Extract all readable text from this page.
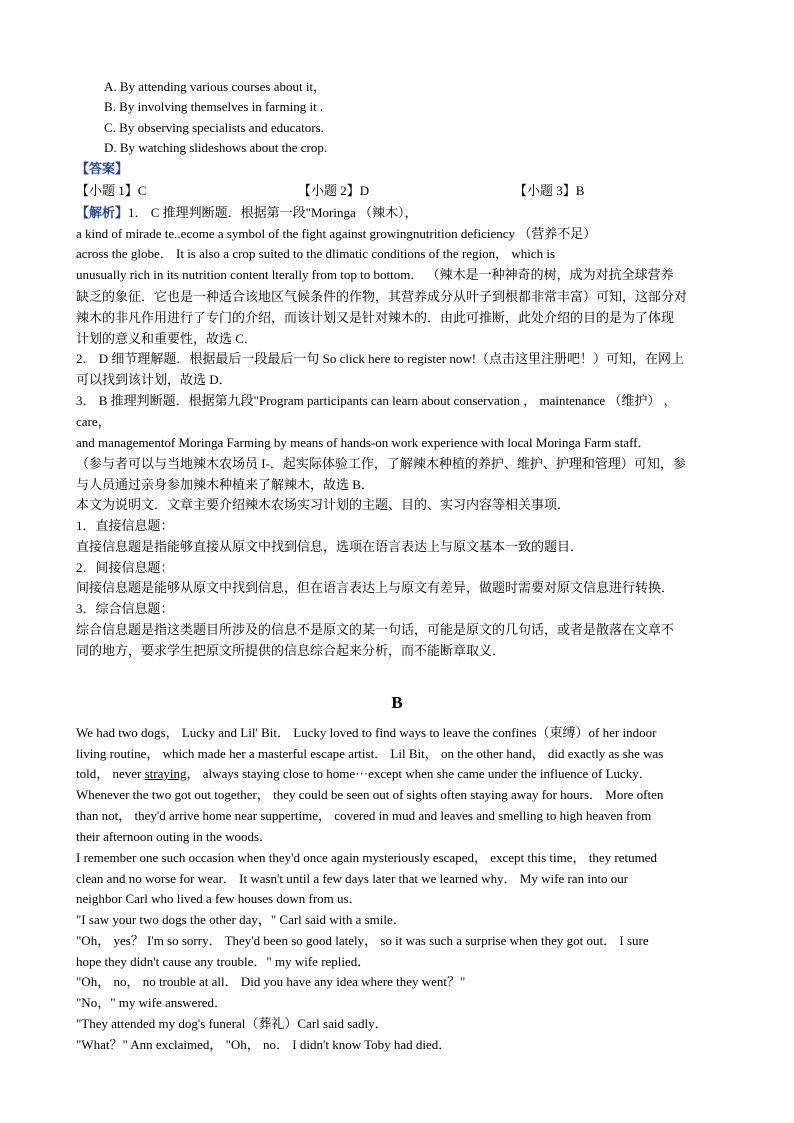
A. By attending various courses about it，
B. By involving themselves in farming it .
C. By observing specialists and educators.
D. By watching slideshows about the crop.
【答案】
【小题 1】C	【小题 2】D	【小题 3】B
【解析】1． C 推理判断题．根据第一段"Moringa （辣木），
a kind of mirade te..ecome a symbol of the fight against growingnutrition deficiency （营养不足）
across the globe． It is also a crop suited to the dlimatic conditions of the region， which is
unusually rich in its nutrition content lterally from top to bottom． （辣木是一种神奇的树，成为对抗全球营养
缺乏的象征．它也是一种适合该地区气候条件的作物，其营养成分从叶子到根都非常丰富）可知，这部分对
辣木的非凡作用进行了专门的介绍，而该计划又是针对辣木的．由此可推断，此处介绍的目的是为了体现
计划的意义和重要性，故选 C．
2． D 细节理解题．根据最后一段最后一句 So click here to register now!（点击这里注册吧！）可知，在网上
可以找到该计划，故选 D．
3． B 推理判断题．根据第九段"Program participants can learn about conservation ， maintenance （维护） ，
care，
and managementof Moringa Farming by means of hands-on work experience with local Moringa Farm staff．
（参与者可以与当地辣木农场员 I-．起实际体验工作，了解辣木种植的养护、维护、护理和管理）可知，参
与人员通过亲身参加辣木种植来了解辣木，故选 B．
本文为说明文．文章主要介绍辣木农场实习计划的主题、目的、实习内容等相关事项．
1．直接信息题：
直接信息题是指能够直接从原文中找到信息，选项在语言表达上与原文基本一致的题目．
2．间接信息题：
间接信息题是能够从原文中找到信息，但在语言表达上与原文有差异，做题时需要对原文信息进行转换．
3．综合信息题：
综合信息题是指这类题目所涉及的信息不是原文的某一句话，可能是原文的几句话，或者是散落在文章不
同的地方，要求学生把原文所提供的信息综合起来分析，而不能断章取义．
B
We had two dogs， Lucky and Lil' Bit． Lucky loved to find ways to leave the confines（束缚）of her indoor
living routine， which made her a masterful escape artist． Lil Bit， on the other hand， did exactly as she was
told， never straying， always staying close to home···except when she came under the influence of Lucky．
Whenever the two got out together， they could be seen out of sights often staying away for hours． More often
than not， they'd arrive home near suppertime， covered in mud and leaves and smelling to high heaven from
their afternoon outing in the woods．
I remember one such occasion when they'd once again mysteriously escaped， except this time， they retumed
clean and no worse for wear． It wasn't until a few days later that we learned why． My wife ran into our
neighbor Carl who lived a few houses down from us．
"I saw your two dogs the other day，" Carl said with a smile．
"Oh， yes？ I'm so sorry． They'd been so good lately， so it was such a surprise when they got out． I sure
hope they didn't cause any trouble．" my wife replied．
"Oh， no， no trouble at all． Did you have any idea where they went？"
"No，" my wife answered．
"They attended my dog's funeral（葬礼）Carl said sadly．
"What？" Ann exclaimed， "Oh， no． I didn't know Toby had died．
